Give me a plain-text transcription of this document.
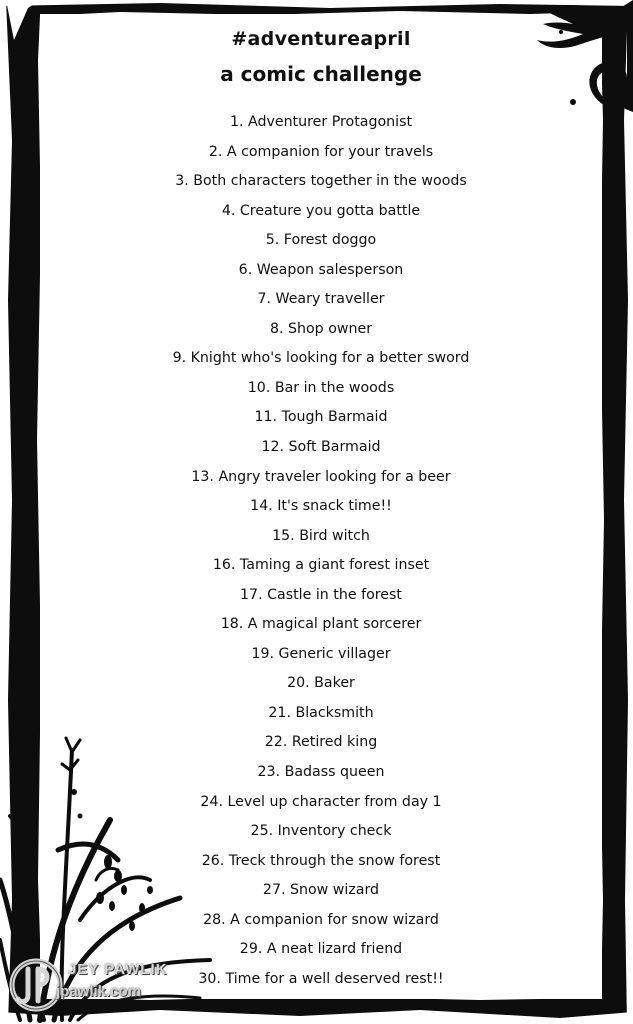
#adventureapril
a comic challenge
1. Adventurer Protagonist
2. A companion for your travels
3. Both characters together in the woods
4. Creature you gotta battle
5. Forest doggo
6. Weapon salesperson
7. Weary traveller
8. Shop owner
9. Knight who's looking for a better sword
10. Bar in the woods
11. Tough Barmaid
12. Soft Barmaid
13. Angry traveler looking for a beer
14. It's snack time!!
15. Bird witch
16. Taming a giant forest inset
17. Castle in the forest
18. A magical plant sorcerer
19. Generic villager
20. Baker
21. Blacksmith
22. Retired king
23. Badass queen
24. Level up character from day 1
25. Inventory check
26. Treck through the snow forest
27. Snow wizard
28. A companion for snow wizard
29. A neat lizard friend
30. Time for a well deserved rest!!
JEY PAWLIK
jpawlik.com
